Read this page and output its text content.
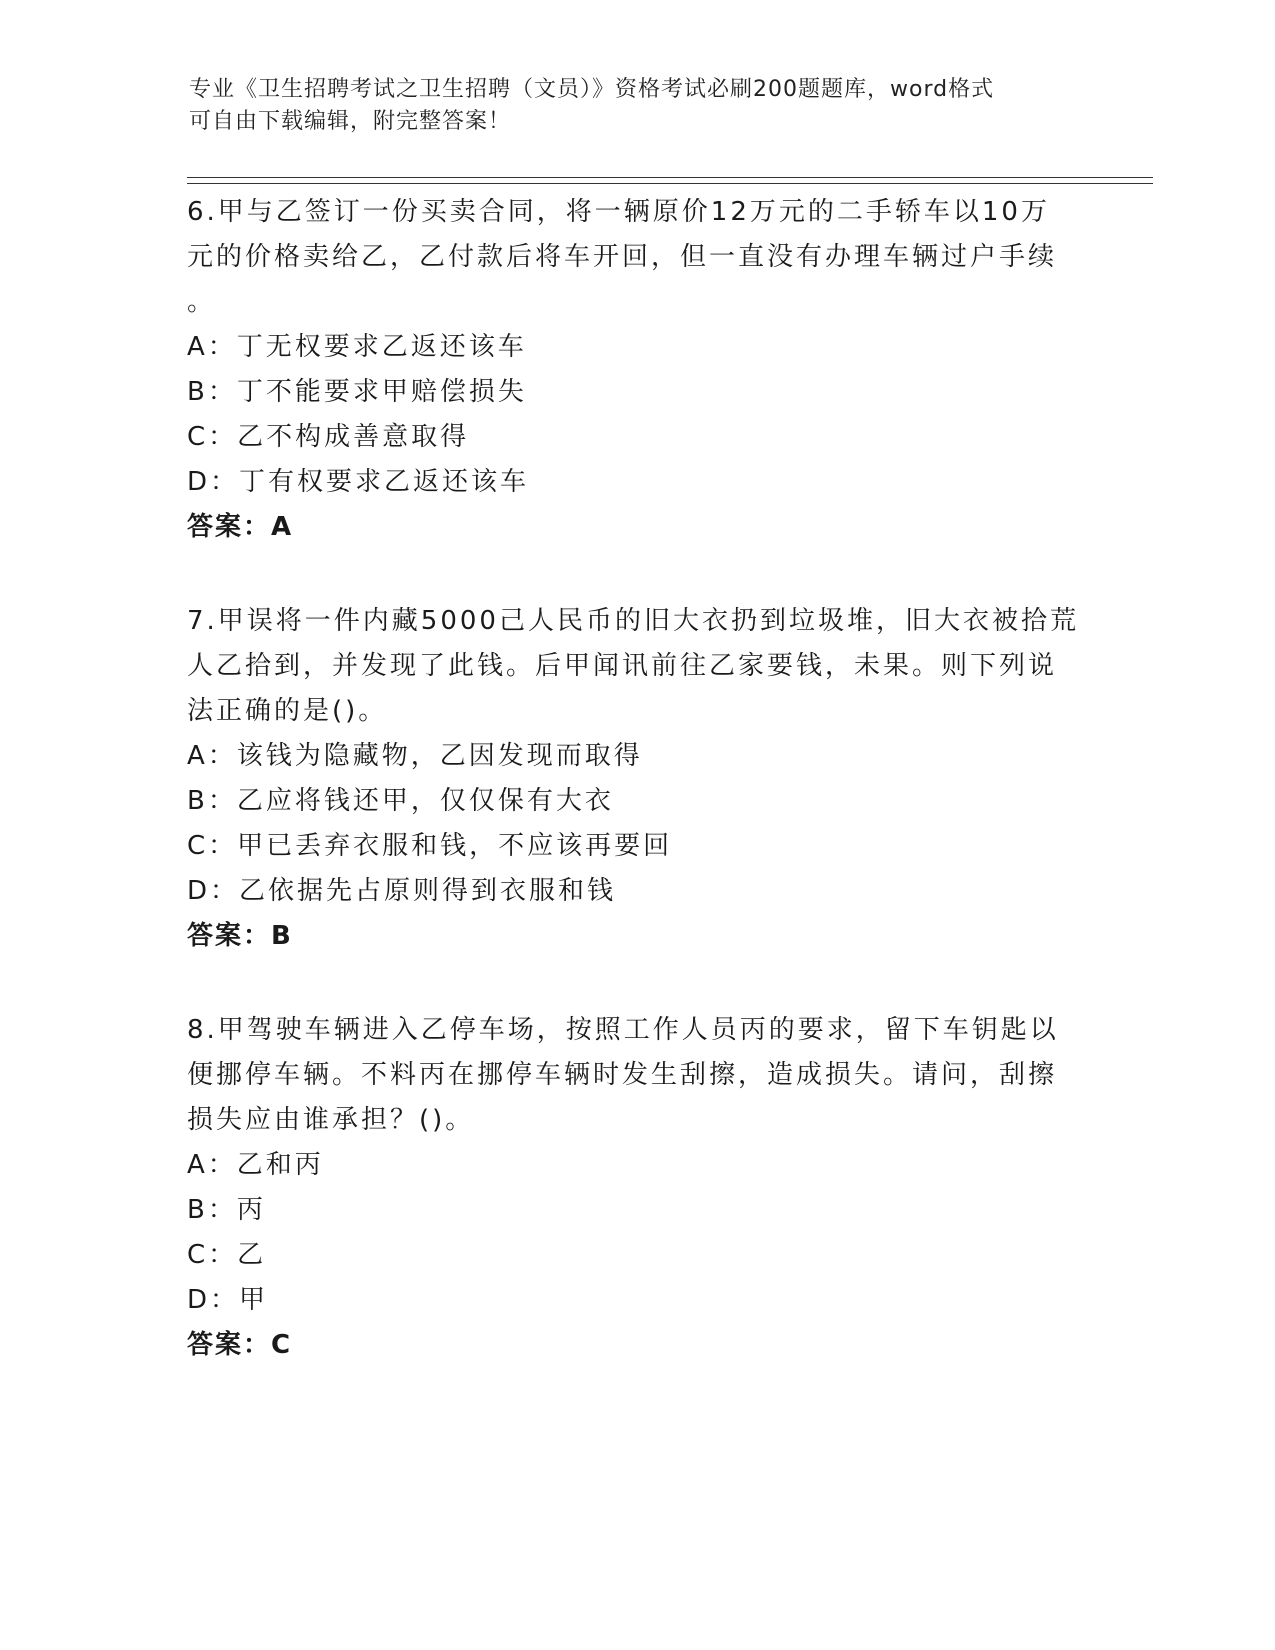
专业《卫生招聘考试之卫生招聘（文员）》资格考试必刷200题题库，word格式
可自由下载编辑，附完整答案！
6.甲与乙签订一份买卖合同，将一辆原价12万元的二手轿车以10万
元的价格卖给乙，乙付款后将车开回，但一直没有办理车辆过户手续
。
A：丁无权要求乙返还该车
B：丁不能要求甲赔偿损失
C：乙不构成善意取得
D：丁有权要求乙返还该车
答案：A
7.甲误将一件内藏5000己人民币的旧大衣扔到垃圾堆，旧大衣被拾荒
人乙拾到，并发现了此钱。后甲闻讯前往乙家要钱，未果。则下列说
法正确的是()。
A：该钱为隐藏物，乙因发现而取得
B：乙应将钱还甲，仅仅保有大衣
C：甲已丢弃衣服和钱，不应该再要回
D：乙依据先占原则得到衣服和钱
答案：B
8.甲驾驶车辆进入乙停车场，按照工作人员丙的要求，留下车钥匙以
便挪停车辆。不料丙在挪停车辆时发生刮擦，造成损失。请问，刮擦
损失应由谁承担？()。
A：乙和丙
B：丙
C：乙
D：甲
答案：C
